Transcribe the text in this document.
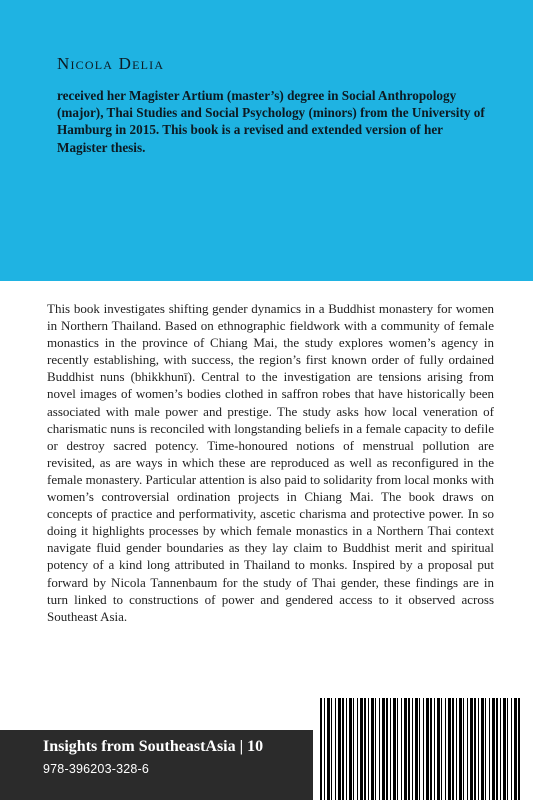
Nicola Delia
received her Magister Artium (master’s) degree in Social Anthropology (major), Thai Studies and Social Psychology (minors) from the University of Hamburg in 2015. This book is a revised and extended version of her Magister thesis.
This book investigates shifting gender dynamics in a Buddhist monastery for women in Northern Thailand. Based on ethnographic fieldwork with a community of female monastics in the province of Chiang Mai, the study explores women’s agency in recently establishing, with success, the region’s first known order of fully ordained Buddhist nuns (bhikkhunī). Central to the investigation are tensions arising from novel images of women’s bodies clothed in saffron robes that have historically been associated with male power and prestige. The study asks how local veneration of charismatic nuns is reconciled with longstanding beliefs in a female capacity to defile or destroy sacred potency. Time-honoured notions of menstrual pollution are revisited, as are ways in which these are reproduced as well as reconfigured in the female monastery. Particular attention is also paid to solidarity from local monks with women’s controversial ordination projects in Chiang Mai. The book draws on concepts of practice and performativity, ascetic charisma and protective power. In so doing it highlights processes by which female monastics in a Northern Thai context navigate fluid gender boundaries as they lay claim to Buddhist merit and spiritual potency of a kind long attributed in Thailand to monks. Inspired by a proposal put forward by Nicola Tannenbaum for the study of Thai gender, these findings are in turn linked to constructions of power and gendered access to it observed across Southeast Asia.
Insights from SoutheastAsia | 10
978-396203-328-6
